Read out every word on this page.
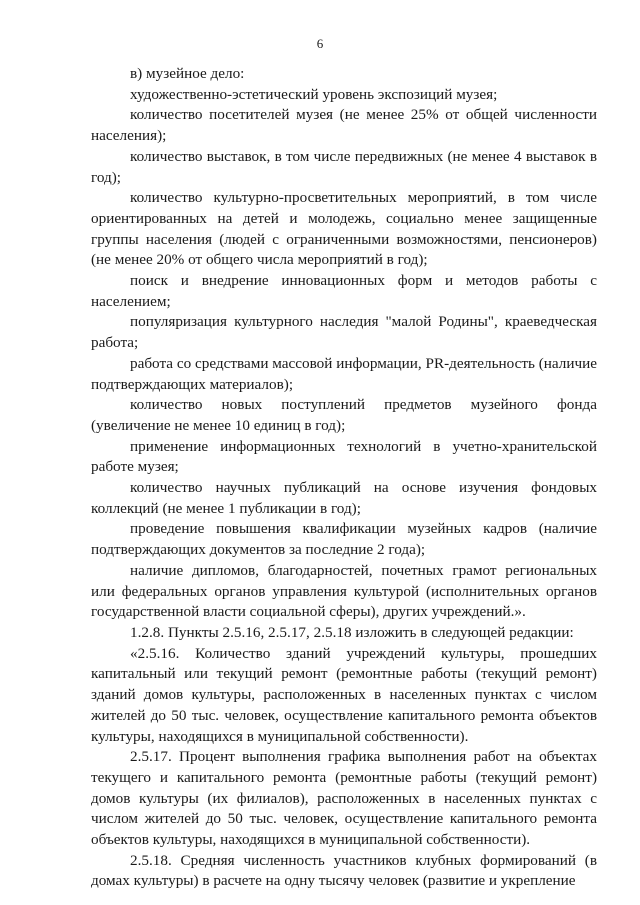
6

в) музейное дело:

художественно-эстетический уровень экспозиций музея;

количество посетителей музея (не менее 25% от общей численности населения);

количество выставок, в том числе передвижных (не менее 4 выставок в год);

количество культурно-просветительных мероприятий, в том числе ориентированных на детей и молодежь, социально менее защищенные группы населения (людей с ограниченными возможностями, пенсионеров) (не менее 20% от общего числа мероприятий в год);

поиск и внедрение инновационных форм и методов работы с населением;

популяризация культурного наследия "малой Родины", краеведческая работа;

работа со средствами массовой информации, PR-деятельность (наличие подтверждающих материалов);

количество новых поступлений предметов музейного фонда (увеличение не менее 10 единиц в год);

применение информационных технологий в учетно-хранительской работе музея;

количество научных публикаций на основе изучения фондовых коллекций (не менее 1 публикации в год);

проведение повышения квалификации музейных кадров (наличие подтверждающих документов за последние 2 года);

наличие дипломов, благодарностей, почетных грамот региональных или федеральных органов управления культурой (исполнительных органов государственной власти социальной сферы), других учреждений.».

1.2.8. Пункты 2.5.16, 2.5.17, 2.5.18 изложить в следующей редакции:

«2.5.16. Количество зданий учреждений культуры, прошедших капитальный или текущий ремонт (ремонтные работы (текущий ремонт) зданий домов культуры, расположенных в населенных пунктах с числом жителей до 50 тыс. человек, осуществление капитального ремонта объектов культуры, находящихся в муниципальной собственности).

2.5.17. Процент выполнения графика выполнения работ на объектах текущего и капитального ремонта (ремонтные работы (текущий ремонт) домов культуры (их филиалов), расположенных в населенных пунктах с числом жителей до 50 тыс. человек, осуществление капитального ремонта объектов культуры, находящихся в муниципальной собственности).

2.5.18. Средняя численность участников клубных формирований (в домах культуры) в расчете на одну тысячу человек (развитие и укрепление
